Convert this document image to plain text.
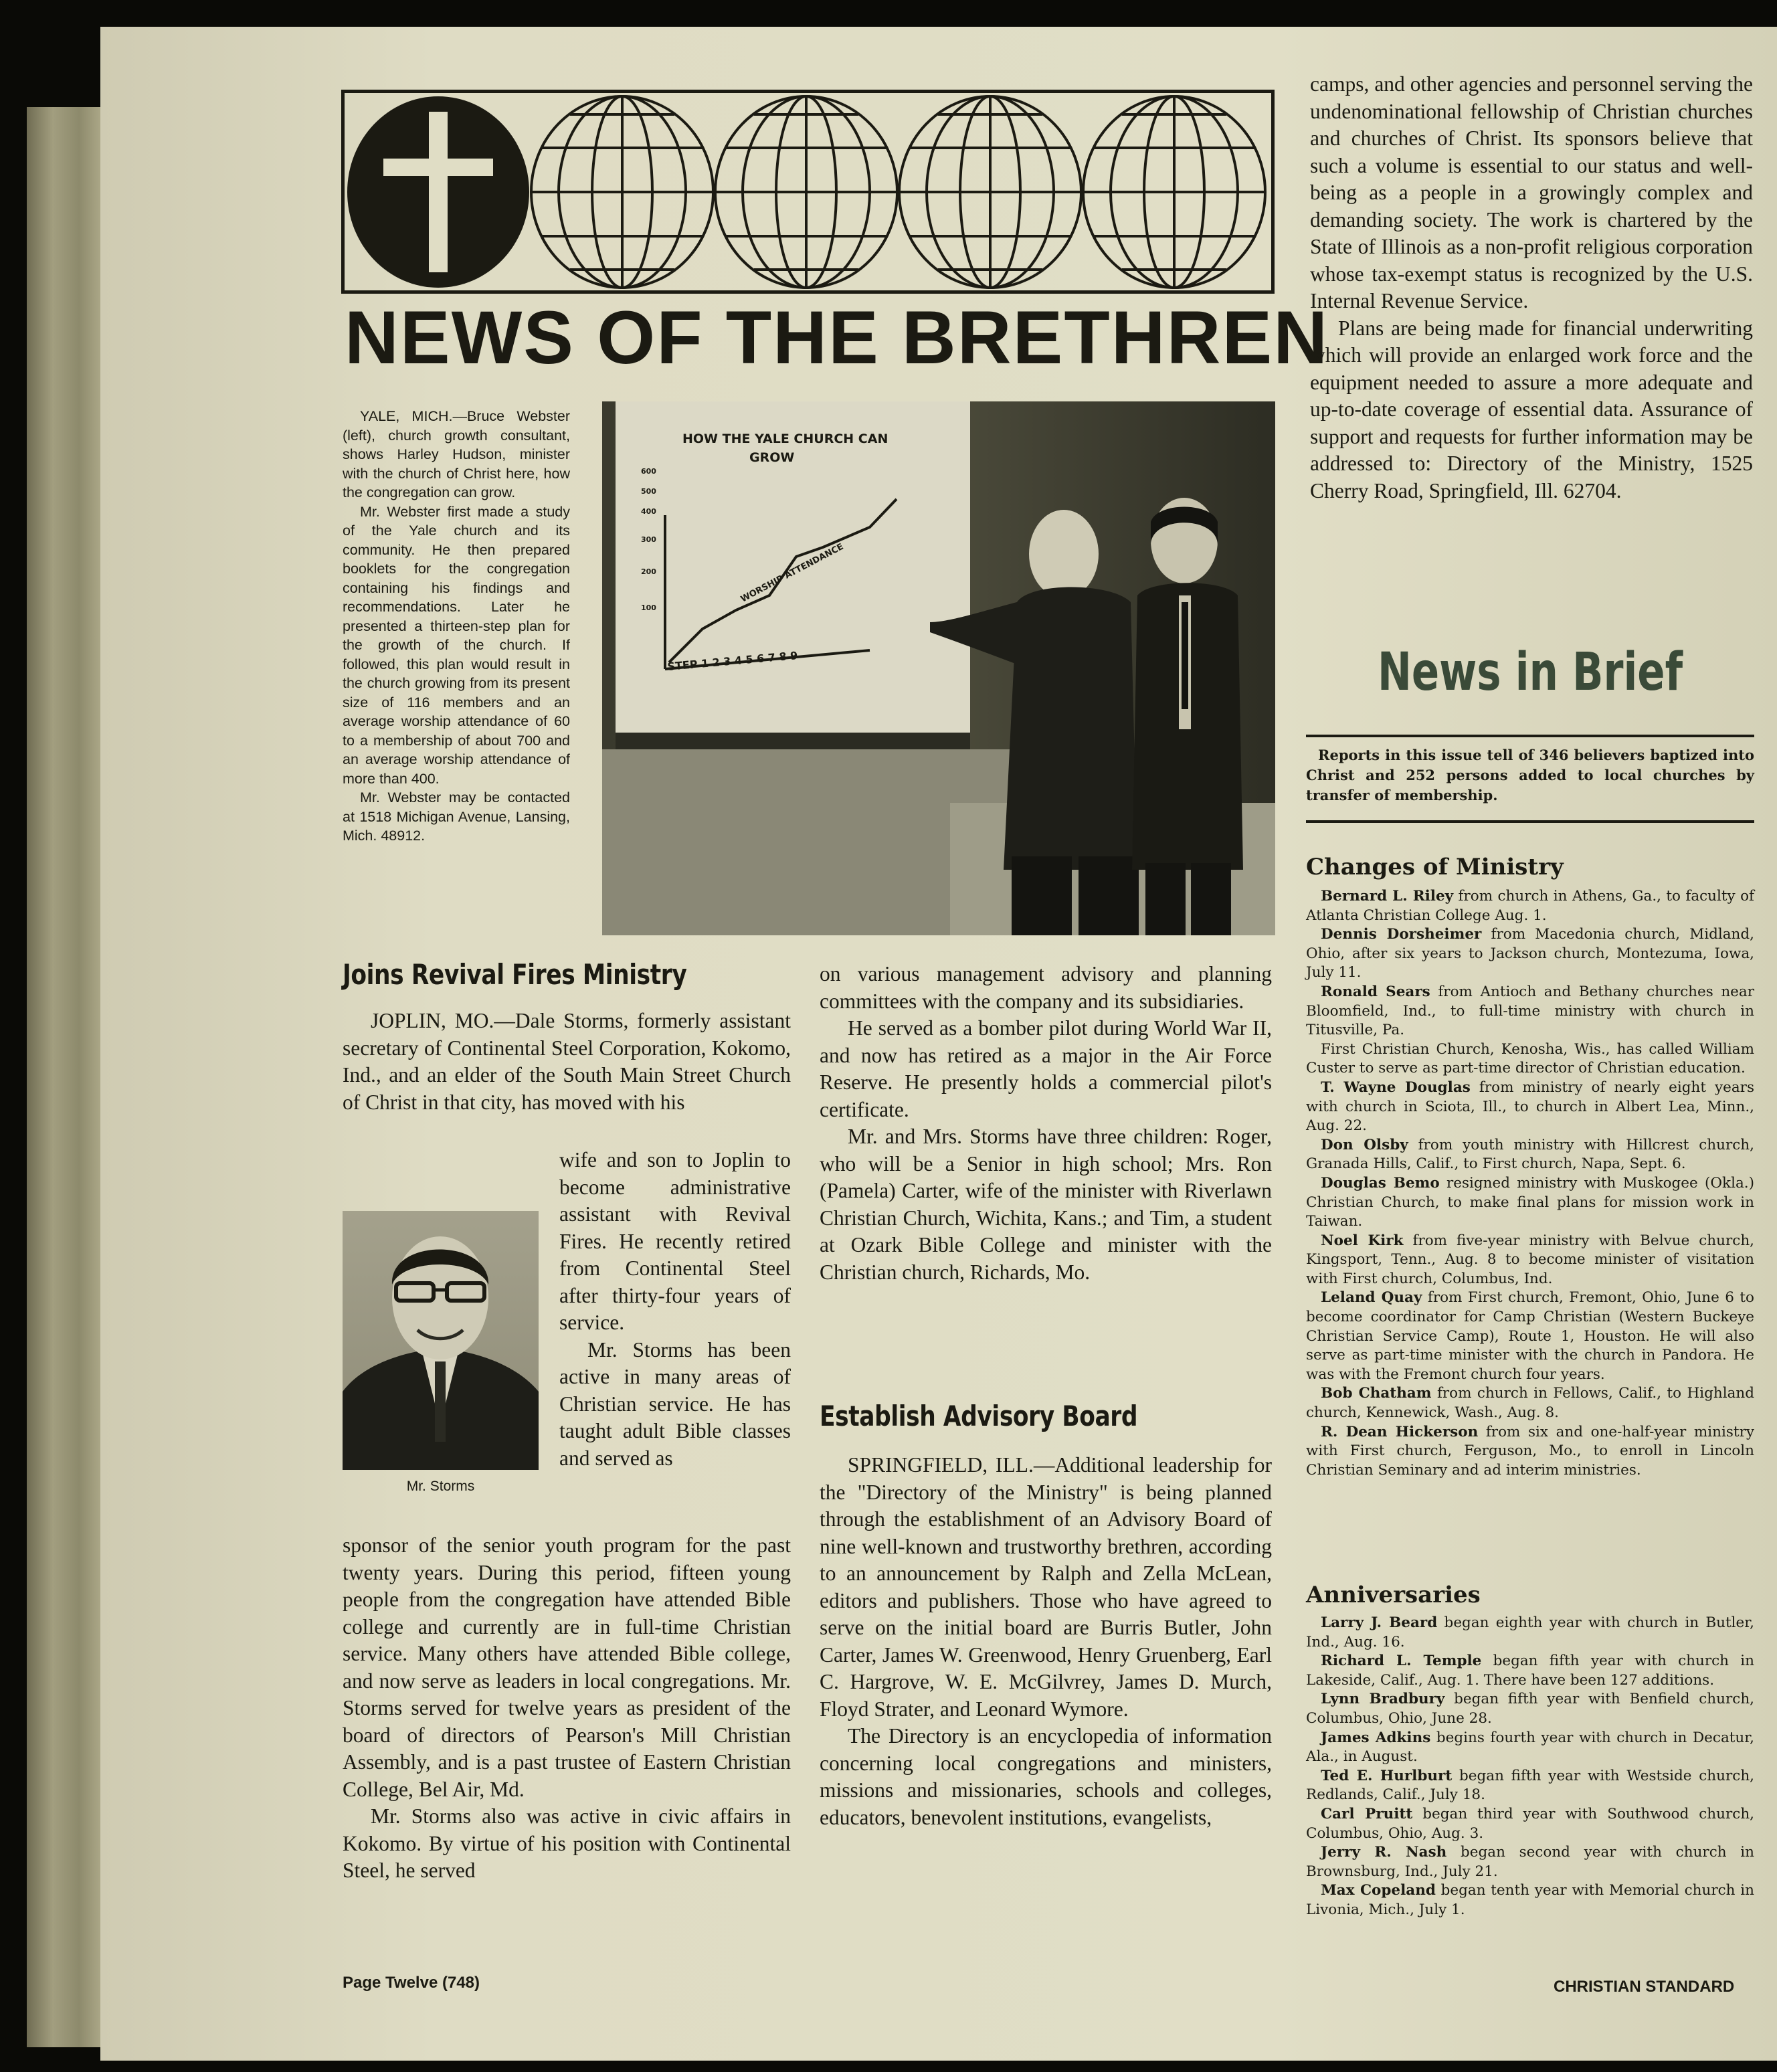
NEWS OF THE BRETHREN

YALE, MICH.—Bruce Webster (left), church growth consultant, shows Harley Hudson, minister with the church of Christ here, how the congregation can grow.

Mr. Webster first made a study of the Yale church and its community. He then prepared booklets for the congregation containing his findings and recommendations. Later he presented a thirteen-step plan for the growth of the church. If followed, this plan would result in the church growing from its present size of 116 members and an average worship attendance of 60 to a membership of about 700 and an average worship attendance of more than 400.

Mr. Webster may be contacted at 1518 Michigan Avenue, Lansing, Mich. 48912.

HOW THE YALE CHURCH CAN
GROW
600
500
400
300
200
100
STEP 1 2 3 4 5 6 7 8 9
WORSHIP ATTENDANCE
Joins Revival Fires Ministry

JOPLIN, MO.—Dale Storms, formerly assistant secretary of Continental Steel Corporation, Kokomo, Ind., and an elder of the South Main Street Church of Christ in that city, has moved with his

wife and son to Joplin to become administrative assistant with Revival Fires. He recently retired from Continental Steel after thirty-four years of service.

Mr. Storms has been active in many areas of Christian service. He has taught adult Bible classes and served as

Mr. Storms

sponsor of the senior youth program for the past twenty years. During this period, fifteen young people from the congregation have attended Bible college and currently are in full-time Christian service. Many others have attended Bible college, and now serve as leaders in local congregations. Mr. Storms served for twelve years as president of the board of directors of Pearson's Mill Christian Assembly, and is a past trustee of Eastern Christian College, Bel Air, Md.

Mr. Storms also was active in civic affairs in Kokomo. By virtue of his position with Continental Steel, he served

on various management advisory and planning committees with the company and its subsidiaries.

He served as a bomber pilot during World War II, and now has retired as a major in the Air Force Reserve. He presently holds a commercial pilot's certificate.

Mr. and Mrs. Storms have three children: Roger, who will be a Senior in high school; Mrs. Ron (Pamela) Carter, wife of the minister with Riverlawn Christian Church, Wichita, Kans.; and Tim, a student at Ozark Bible College and minister with the Christian church, Richards, Mo.

Establish Advisory Board

SPRINGFIELD, ILL.—Additional leadership for the "Directory of the Ministry" is being planned through the establishment of an Advisory Board of nine well-known and trustworthy brethren, according to an announcement by Ralph and Zella McLean, editors and publishers. Those who have agreed to serve on the initial board are Burris Butler, John Carter, James W. Greenwood, Henry Gruenberg, Earl C. Hargrove, W. E. McGilvrey, James D. Murch, Floyd Strater, and Leonard Wymore.

The Directory is an encyclopedia of information concerning local congregations and ministers, missions and missionaries, schools and colleges, educators, benevolent institutions, evangelists,

camps, and other agencies and personnel serving the undenominational fellowship of Christian churches and churches of Christ. Its sponsors believe that such a volume is essential to our status and well-being as a people in a growingly complex and demanding society. The work is chartered by the State of Illinois as a non-profit religious corporation whose tax-exempt status is recognized by the U.S. Internal Revenue Service.

Plans are being made for financial underwriting which will provide an enlarged work force and the equipment needed to assure a more adequate and up-to-date coverage of essential data. Assurance of support and requests for further information may be addressed to: Directory of the Ministry, 1525 Cherry Road, Springfield, Ill. 62704.

News in Brief

Reports in this issue tell of 346 believers baptized into Christ and 252 persons added to local churches by transfer of membership.

Changes of Ministry

Bernard L. Riley from church in Athens, Ga., to faculty of Atlanta Christian College Aug. 1.

Dennis Dorsheimer from Macedonia church, Midland, Ohio, after six years to Jackson church, Montezuma, Iowa, July 11.

Ronald Sears from Antioch and Bethany churches near Bloomfield, Ind., to full-time ministry with church in Titusville, Pa.

First Christian Church, Kenosha, Wis., has called William Custer to serve as part-time director of Christian education.

T. Wayne Douglas from ministry of nearly eight years with church in Sciota, Ill., to church in Albert Lea, Minn., Aug. 22.

Don Olsby from youth ministry with Hillcrest church, Granada Hills, Calif., to First church, Napa, Sept. 6.

Douglas Bemo resigned ministry with Muskogee (Okla.) Christian Church, to make final plans for mission work in Taiwan.

Noel Kirk from five-year ministry with Belvue church, Kingsport, Tenn., Aug. 8 to become minister of visitation with First church, Columbus, Ind.

Leland Quay from First church, Fremont, Ohio, June 6 to become coordinator for Camp Christian (Western Buckeye Christian Service Camp), Route 1, Houston. He will also serve as part-time minister with the church in Pandora. He was with the Fremont church four years.

Bob Chatham from church in Fellows, Calif., to Highland church, Kennewick, Wash., Aug. 8.

R. Dean Hickerson from six and one-half-year ministry with First church, Ferguson, Mo., to enroll in Lincoln Christian Seminary and ad interim ministries.

Anniversaries

Larry J. Beard began eighth year with church in Butler, Ind., Aug. 16.

Richard L. Temple began fifth year with church in Lakeside, Calif., Aug. 1. There have been 127 additions.

Lynn Bradbury began fifth year with Benfield church, Columbus, Ohio, June 28.

James Adkins begins fourth year with church in Decatur, Ala., in August.

Ted E. Hurlburt began fifth year with Westside church, Redlands, Calif., July 18.

Carl Pruitt began third year with Southwood church, Columbus, Ohio, Aug. 3.

Jerry R. Nash began second year with church in Brownsburg, Ind., July 21.

Max Copeland began tenth year with Memorial church in Livonia, Mich., July 1.

Page Twelve (748)	CHRISTIAN STANDARD
